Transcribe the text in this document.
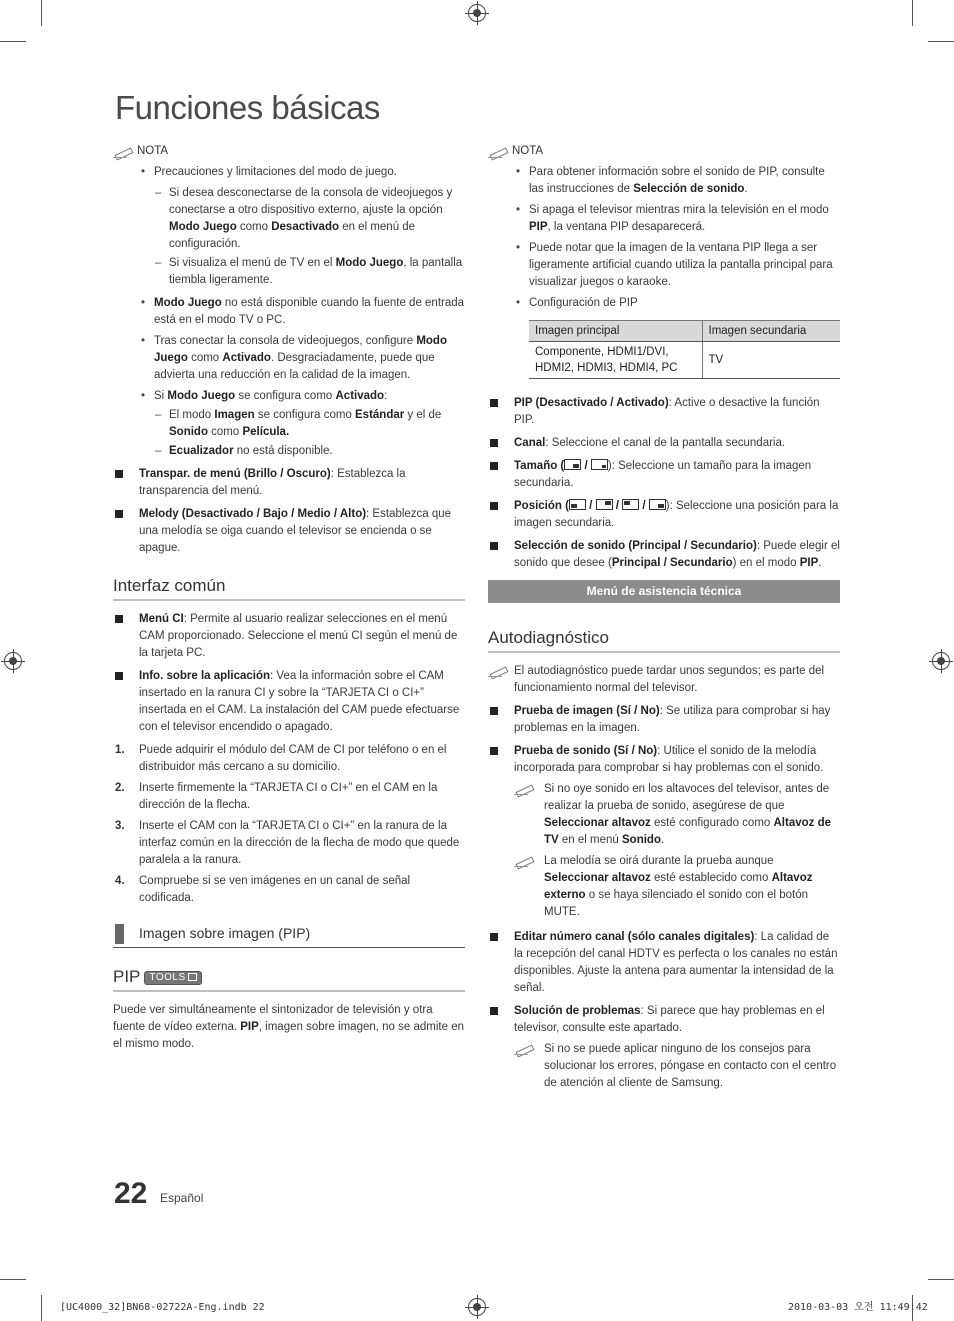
Funciones básicas
NOTA
• Precauciones y limitaciones del modo de juego.
– Si desea desconectarse de la consola de videojuegos y conectarse a otro dispositivo externo, ajuste la opción Modo Juego como Desactivado en el menú de configuración.
– Si visualiza el menú de TV en el Modo Juego, la pantalla tiembla ligeramente.
• Modo Juego no está disponible cuando la fuente de entrada está en el modo TV o PC.
• Tras conectar la consola de videojuegos, configure Modo Juego como Activado. Desgraciadamente, puede que advierta una reducción en la calidad de la imagen.
• Si Modo Juego se configura como Activado:
– El modo Imagen se configura como Estándar y el de Sonido como Película.
– Ecualizador no está disponible.
Transpar. de menú (Brillo / Oscuro): Establezca la transparencia del menú.
Melody (Desactivado / Bajo / Medio / Alto): Establezca que una melodía se oiga cuando el televisor se encienda o se apague.
Interfaz común
Menú CI: Permite al usuario realizar selecciones en el menú CAM proporcionado. Seleccione el menú CI según el menú de la tarjeta PC.
Info. sobre la aplicación: Vea la información sobre el CAM insertado en la ranura CI y sobre la “TARJETA CI o CI+” insertada en el CAM. La instalación del CAM puede efectuarse con el televisor encendido o apagado.
1. Puede adquirir el módulo del CAM de CI por teléfono o en el distribuidor más cercano a su domicilio.
2. Inserte firmemente la “TARJETA CI o CI+” en el CAM en la dirección de la flecha.
3. Inserte el CAM con la “TARJETA CI o CI+” en la ranura de la interfaz común en la dirección de la flecha de modo que quede paralela a la ranura.
4. Compruebe si se ven imágenes en un canal de señal codificada.
Imagen sobre imagen (PIP)
PIP TOOLS
Puede ver simultáneamente el sintonizador de televisión y otra fuente de vídeo externa. PIP, imagen sobre imagen, no se admite en el mismo modo.
NOTA
• Para obtener información sobre el sonido de PIP, consulte las instrucciones de Selección de sonido.
• Si apaga el televisor mientras mira la televisión en el modo PIP, la ventana PIP desaparecerá.
• Puede notar que la imagen de la ventana PIP llega a ser ligeramente artificial cuando utiliza la pantalla principal para visualizar juegos o karaoke.
• Configuración de PIP
Imagen principal	Imagen secundaria
Componente, HDMI1/DVI, HDMI2, HDMI3, HDMI4, PC	TV
PIP (Desactivado / Activado): Active o desactive la función PIP.
Canal: Seleccione el canal de la pantalla secundaria.
Tamaño ( / ): Seleccione un tamaño para la imagen secundaria.
Posición ( /  /  / ): Seleccione una posición para la imagen secundaria.
Selección de sonido (Principal / Secundario): Puede elegir el sonido que desee (Principal / Secundario) en el modo PIP.
Menú de asistencia técnica
Autodiagnóstico
El autodiagnóstico puede tardar unos segundos; es parte del funcionamiento normal del televisor.
Prueba de imagen (Sí / No): Se utiliza para comprobar si hay problemas en la imagen.
Prueba de sonido (Sí / No): Utilice el sonido de la melodía incorporada para comprobar si hay problemas con el sonido.
Si no oye sonido en los altavoces del televisor, antes de realizar la prueba de sonido, asegúrese de que Seleccionar altavoz esté configurado como Altavoz de TV en el menú Sonido.
La melodía se oirá durante la prueba aunque Seleccionar altavoz esté establecido como Altavoz externo o se haya silenciado el sonido con el botón MUTE.
Editar número canal (sólo canales digitales): La calidad de la recepción del canal HDTV es perfecta o los canales no están disponibles. Ajuste la antena para aumentar la intensidad de la señal.
Solución de problemas: Si parece que hay problemas en el televisor, consulte este apartado.
Si no se puede aplicar ninguno de los consejos para solucionar los errores, póngase en contacto con el centro de atención al cliente de Samsung.
22 Español
[UC4000_32]BN68-02722A-Eng.indb 22	2010-03-03 오전 11:49:42
